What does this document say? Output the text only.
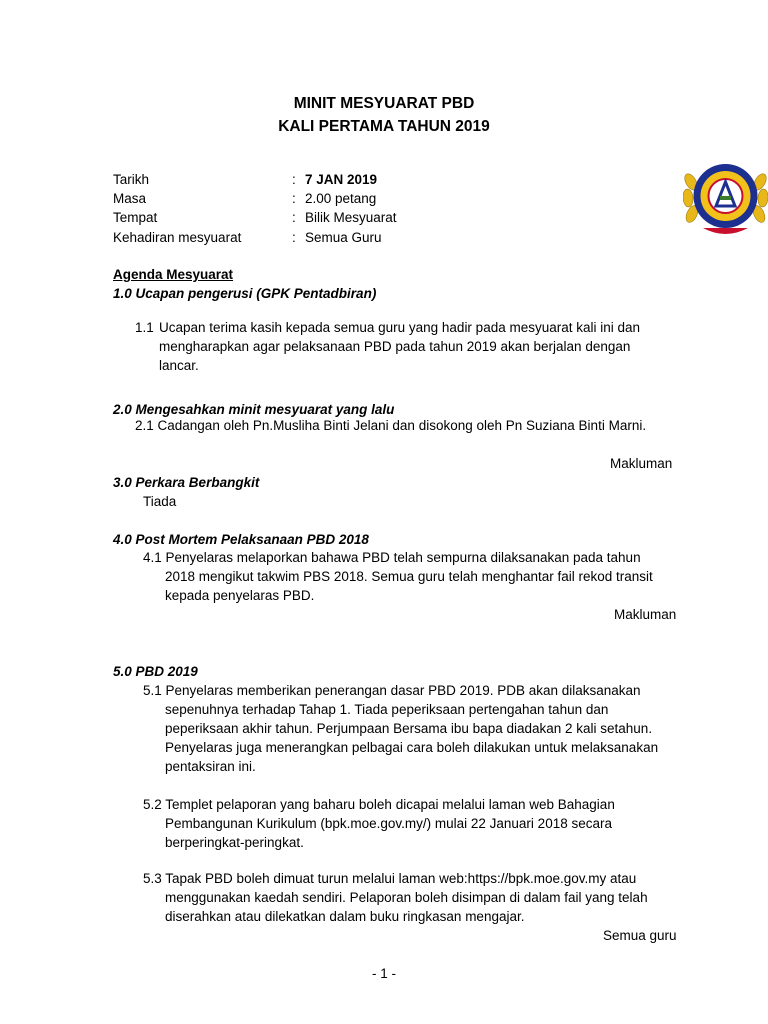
MINIT MESYUARAT PBD
KALI PERTAMA TAHUN 2019
Tarikh	: 7 JAN 2019
Masa	: 2.00 petang
Tempat	: Bilik Mesyuarat
Kehadiran mesyuarat	: Semua Guru
Agenda Mesyuarat
1.0 Ucapan pengerusi (GPK Pentadbiran)
1.1 Ucapan terima kasih kepada semua guru yang hadir pada mesyuarat kali ini dan
mengharapkan agar pelaksanaan PBD pada tahun 2019 akan berjalan dengan
lancar.
2.0 Mengesahkan minit mesyuarat yang lalu
2.1 Cadangan oleh Pn.Musliha Binti Jelani dan disokong oleh Pn Suziana Binti Marni.
Makluman
3.0 Perkara Berbangkit
Tiada
4.0 Post Mortem Pelaksanaan PBD 2018
4.1 Penyelaras melaporkan bahawa PBD telah sempurna dilaksanakan pada tahun
2018 mengikut takwim PBS 2018. Semua guru telah menghantar fail rekod transit
kepada penyelaras PBD.
Makluman
5.0 PBD 2019
5.1 Penyelaras memberikan penerangan dasar PBD 2019. PDB akan dilaksanakan
sepenuhnya terhadap Tahap 1. Tiada peperiksaan pertengahan tahun dan
peperiksaan akhir tahun. Perjumpaan Bersama ibu bapa diadakan 2 kali setahun.
Penyelaras juga menerangkan pelbagai cara boleh dilakukan untuk melaksanakan
pentaksiran ini.
5.2 Templet pelaporan yang baharu boleh dicapai melalui laman web Bahagian
Pembangunan Kurikulum (bpk.moe.gov.my/) mulai 22 Januari 2018 secara
berperingkat-peringkat.
5.3 Tapak PBD boleh dimuat turun melalui laman web:https://bpk.moe.gov.my atau
menggunakan kaedah sendiri. Pelaporan boleh disimpan di dalam fail yang telah
diserahkan atau dilekatkan dalam buku ringkasan mengajar.
Semua guru
- 1 -
